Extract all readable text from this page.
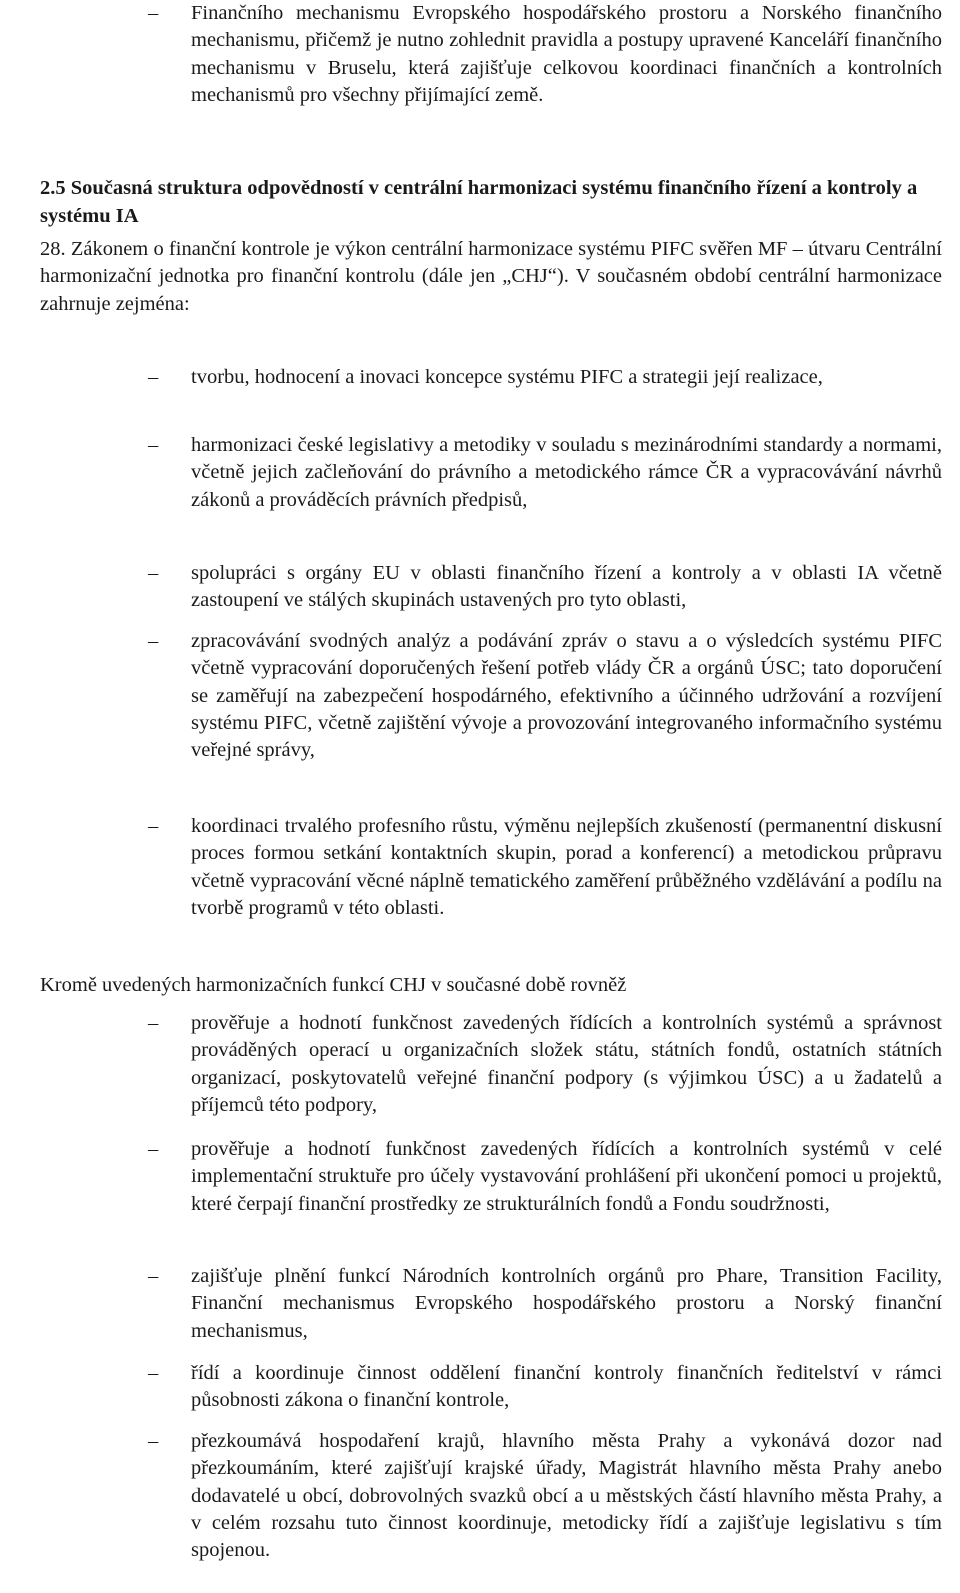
–	Finančního mechanismu Evropského hospodářského prostoru a Norského finančního mechanismu, přičemž je nutno zohlednit pravidla a postupy upravené Kanceláří finančního mechanismu v Bruselu, která zajišťuje celkovou koordinaci finančních a kontrolních mechanismů pro všechny přijímající země.
2.5 Současná struktura odpovědností v centrální harmonizaci systému finančního řízení a kontroly a systému IA
28. Zákonem o finanční kontrole je výkon centrální harmonizace systému PIFC svěřen MF – útvaru Centrální harmonizační jednotka pro finanční kontrolu (dále jen „CHJ“). V současném období centrální harmonizace zahrnuje zejména:
–	tvorbu, hodnocení a inovaci koncepce systému PIFC a strategii její realizace,
–	harmonizaci české legislativy a metodiky v souladu s mezinárodními standardy a normami, včetně jejich začleňování do právního a metodického rámce ČR a vypracovávání návrhů zákonů a prováděcích právních předpisů,
–	spolupráci s orgány EU v oblasti finančního řízení a kontroly a v oblasti IA včetně zastoupení ve stálých skupinách ustavených pro tyto oblasti,
–	zpracovávání svodných analýz a podávání zpráv o stavu a o výsledcích systému PIFC včetně vypracování doporučených řešení potřeb vlády ČR a orgánů ÚSC; tato doporučení se zaměřují na zabezpečení hospodárného, efektivního a účinného udržování a rozvíjení systému PIFC, včetně zajištění vývoje a provozování integrovaného informačního systému veřejné správy,
–	koordinaci trvalého profesního růstu, výměnu nejlepších zkušeností (permanentní diskusní proces formou setkání kontaktních skupin, porad a konferencí) a metodickou průpravu včetně vypracování věcné náplně tematického zaměření průběžného vzdělávání a podílu na tvorbě programů v této oblasti.
Kromě uvedených harmonizačních funkcí CHJ v současné době rovněž
–	prověřuje a hodnotí funkčnost zavedených řídících a kontrolních systémů a správnost prováděných operací u organizačních složek státu, státních fondů, ostatních státních organizací, poskytovatelů veřejné finanční podpory (s výjimkou ÚSC) a u žadatelů a příjemců této podpory,
–	prověřuje a hodnotí funkčnost zavedených řídících a kontrolních systémů v celé implementační struktuře pro účely vystavování prohlášení při ukončení pomoci u projektů, které čerpají finanční prostředky ze strukturálních fondů a Fondu soudržnosti,
–	zajišťuje plnění funkcí Národních kontrolních orgánů pro Phare, Transition Facility, Finanční mechanismus Evropského hospodářského prostoru a Norský finanční mechanismus,
–	řídí a koordinuje činnost oddělení finanční kontroly finančních ředitelství v rámci působnosti zákona o finanční kontrole,
–	přezkoumává hospodaření krajů, hlavního města Prahy a vykonává dozor nad přezkoumáním, které zajišťují krajské úřady, Magistrát hlavního města Prahy anebo dodavatelé u obcí, dobrovolných svazků obcí a u městských částí hlavního města Prahy, a v celém rozsahu tuto činnost koordinuje, metodicky řídí a zajišťuje legislativu s tím spojenou.
